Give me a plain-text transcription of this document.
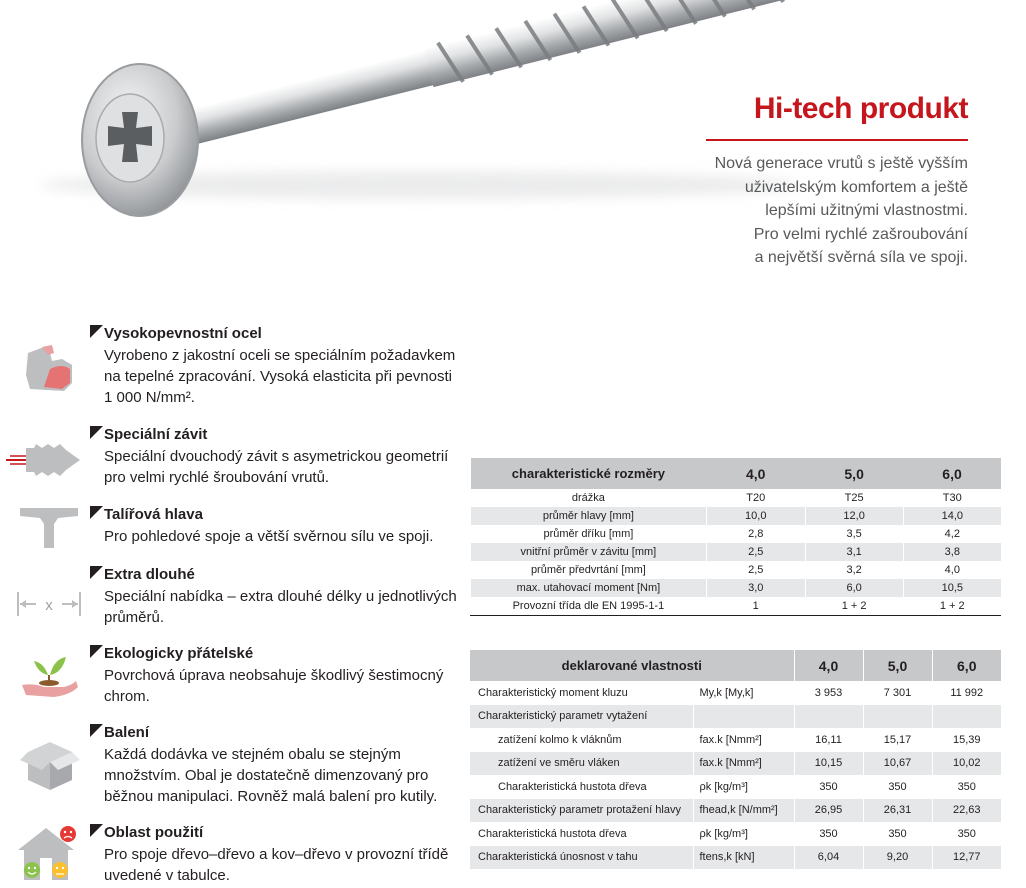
Hi-tech produkt

Nová generace vrutů s ještě vyšším
uživatelským komfortem a ještě
lepšími užitnými vlastnostmi.
Pro velmi rychlé zašroubování
a největší svěrná síla ve spoji.

Vysokopevnostní ocel

Vyrobeno z jakostní oceli se speciálním požadavkem
na tepelné zpracování. Vysoká elasticita při pevnosti
1 000 N/mm².

Speciální závit

Speciální dvouchodý závit s asymetrickou geometrií
pro velmi rychlé šroubování vrutů.

Talířová hlava

Pro pohledové spoje a větší svěrnou sílu ve spoji.

x
Extra dlouhé

Speciální nabídka – extra dlouhé délky u jednotlivých
průměrů.

Ekologicky přátelské

Povrchová úprava neobsahuje škodlivý šestimocný
chrom.

Balení

Každá dodávka ve stejném obalu se stejným
množstvím. Obal je dostatečně dimenzovaný pro
běžnou manipulaci. Rovněž malá balení pro kutily.

Oblast použití

Pro spoje dřevo–dřevo a kov–dřevo v provozní třídě
uvedené v tabulce.

charakteristické rozměry	4,0	5,0	6,0
drážka	T20	T25	T30
průměr hlavy [mm]	10,0	12,0	14,0
průměr dříku [mm]	2,8	3,5	4,2
vnitřní průměr v závitu [mm]	2,5	3,1	3,8
průměr předvrtání [mm]	2,5	3,2	4,0
max. utahovací moment [Nm]	3,0	6,0	10,5
Provozní třída dle EN 1995-1-1	1	1 + 2	1 + 2
deklarované vlastnosti		4,0	5,0	6,0
Charakteristický moment kluzu	My,k [My,k]	3 953	7 301	11 992
Charakteristický parametr vytažení				
zatížení kolmo k vláknům	fax.k [Nmm²]	16,11	15,17	15,39
zatížení ve směru vláken	fax.k [Nmm²]	10,15	10,67	10,02
Charakteristická hustota dřeva	ρk [kg/m³]	350	350	350
Charakteristický parametr protažení hlavy	fhead,k [N/mm²]	26,95	26,31	22,63
Charakteristická hustota dřeva	ρk [kg/m³]	350	350	350
Charakteristická únosnost v tahu	ftens,k [kN]	6,04	9,20	12,77
